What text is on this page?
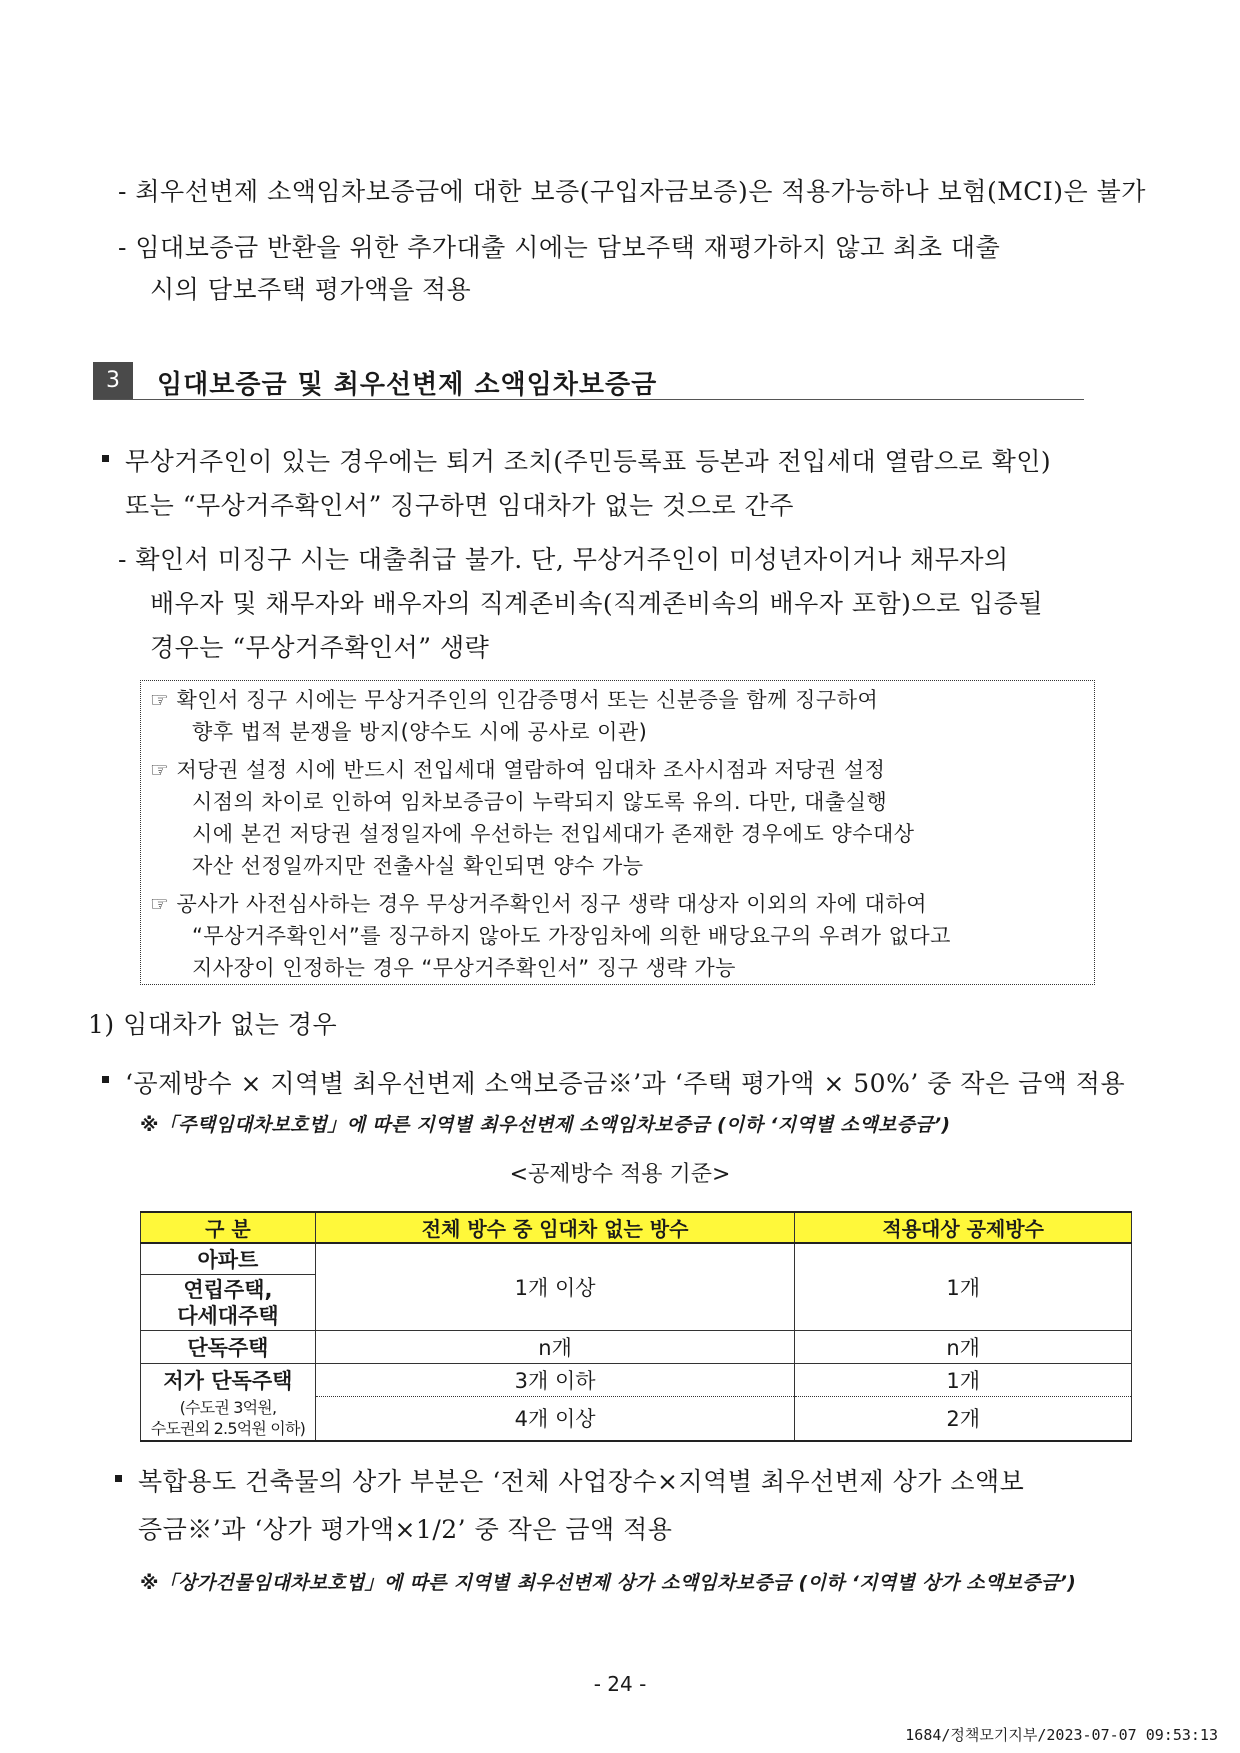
- 최우선변제 소액임차보증금에 대한 보증(구입자금보증)은 적용가능하나 보험(MCI)은 불가
- 임대보증금 반환을 위한 추가대출 시에는 담보주택 재평가하지 않고 최초 대출
시의 담보주택 평가액을 적용
3	임대보증금 및 최우선변제 소액임차보증금
무상거주인이 있는 경우에는 퇴거 조치(주민등록표 등본과 전입세대 열람으로 확인)
또는 “무상거주확인서” 징구하면 임대차가 없는 것으로 간주
- 확인서 미징구 시는 대출취급 불가. 단, 무상거주인이 미성년자이거나 채무자의
배우자 및 채무자와 배우자의 직계존비속(직계존비속의 배우자 포함)으로 입증될
경우는 “무상거주확인서” 생략
☞ 확인서 징구 시에는 무상거주인의 인감증명서 또는 신분증을 함께 징구하여
향후 법적 분쟁을 방지(양수도 시에 공사로 이관)
☞ 저당권 설정 시에 반드시 전입세대 열람하여 임대차 조사시점과 저당권 설정
시점의 차이로 인하여 임차보증금이 누락되지 않도록 유의. 다만, 대출실행
시에 본건 저당권 설정일자에 우선하는 전입세대가 존재한 경우에도 양수대상
자산 선정일까지만 전출사실 확인되면 양수 가능
☞ 공사가 사전심사하는 경우 무상거주확인서 징구 생략 대상자 이외의 자에 대하여
“무상거주확인서”를 징구하지 않아도 가장임차에 의한 배당요구의 우려가 없다고
지사장이 인정하는 경우 “무상거주확인서” 징구 생략 가능
1) 임대차가 없는 경우
‘공제방수 × 지역별 최우선변제 소액보증금※’과 ‘주택 평가액 × 50%’ 중 작은 금액 적용
※「주택임대차보호법」에 따른 지역별 최우선변제 소액임차보증금 (이하 ‘지역별 소액보증금’)
<공제방수 적용 기준>
구 분	전체 방수 중 임대차 없는 방수	적용대상 공제방수
아파트	1개 이상	1개

연립주택,
다세대주택		

단독주택	n개	n개
저가 단독주택	3개 이하	1개

(수도권 3억원,
수도권외 2.5억원 이하)	4개 이상	2개
복합용도 건축물의 상가 부분은 ‘전체 사업장수×지역별 최우선변제 상가 소액보
증금※’과 ‘상가 평가액×1/2’ 중 작은 금액 적용
※「상가건물임대차보호법」에 따른 지역별 최우선변제 상가 소액임차보증금 (이하 ‘지역별 상가 소액보증금’)
- 24 -
1684/정책모기지부/2023-07-07 09:53:13
